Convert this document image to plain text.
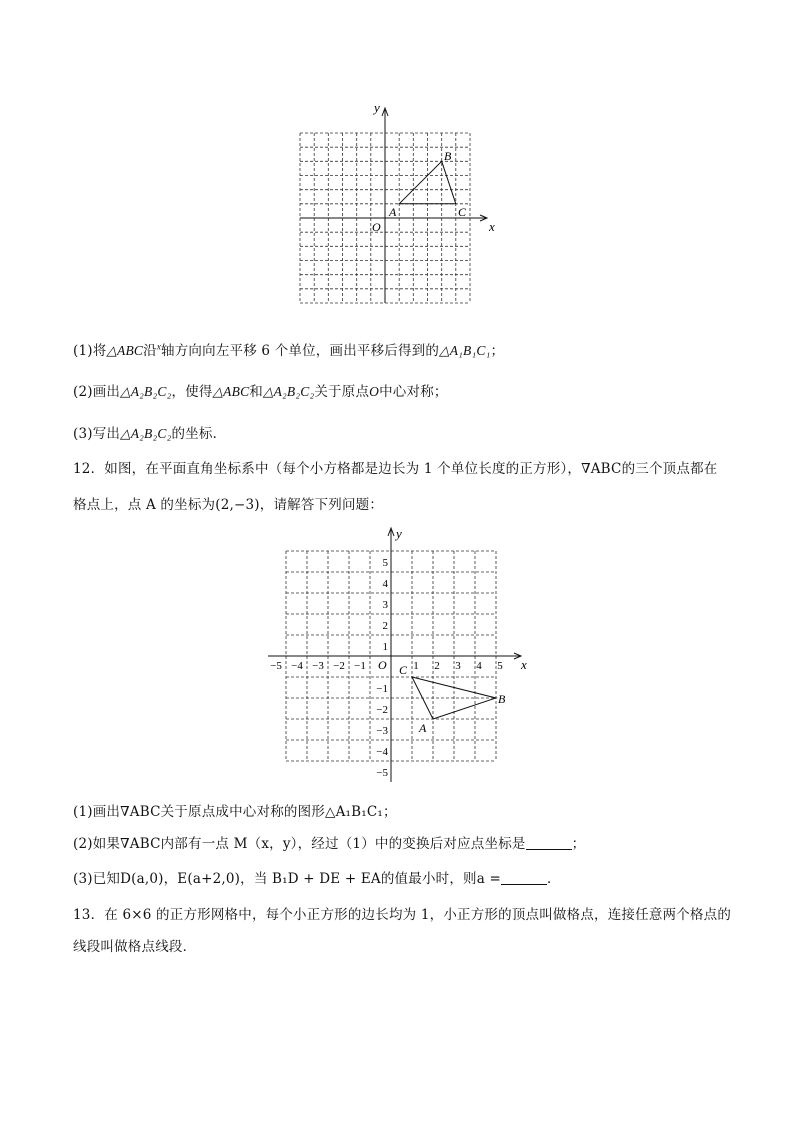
y
x
O
A
B
C
(1)将△ABC沿$^x$轴方向向左平移 6 个单位，画出平移后得到的△A₁B₁C₁；
(2)画出△A₂B₂C₂，使得△ABC和△A₂B₂C₂关于原点O中心对称；
(3)写出△A₂B₂C₂的坐标．
12．如图，在平面直角坐标系中（每个小方格都是边长为 1 个单位长度的正方形），∇ABC的三个顶点都在
格点上，点 A 的坐标为(2,−3)，请解答下列问题：
−5 −4 −3 −2 −1	1 2 3 4 5
5
4
3
2
1
−1
−2
−3
−4
−5
y
x
O
A
B
C
(1)画出∇ABC关于原点成中心对称的图形△A₁B₁C₁；
(2)如果∇ABC内部有一点 M（x，y），经过（1）中的变换后对应点坐标是	；
(3)已知D(a,0)，E(a+2,0)，当 B₁D + DE + EA的值最小时，则a =	．
13．在 6×6 的正方形网格中，每个小正方形的边长均为 1，小正方形的顶点叫做格点，连接任意两个格点的
线段叫做格点线段．
